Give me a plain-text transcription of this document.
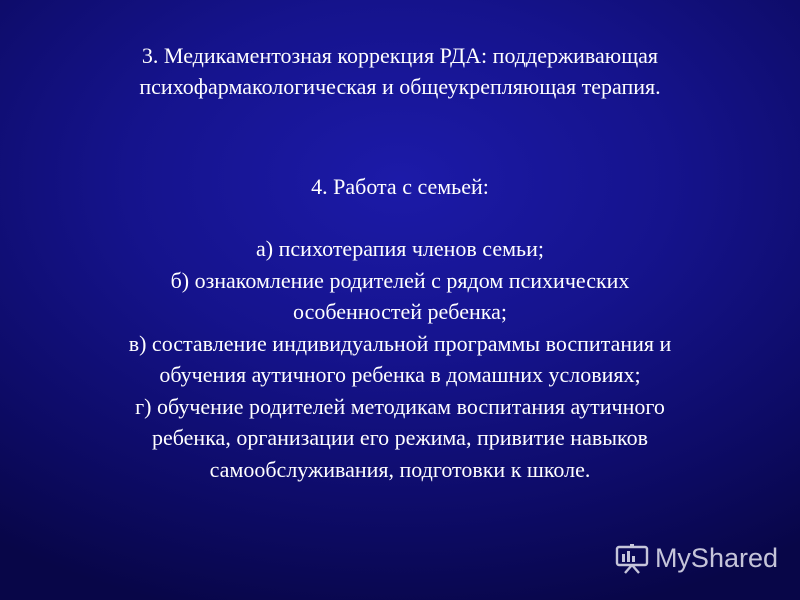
3. Медикаментозная коррекция РДА: поддерживающая
психофармакологическая и общеукрепляющая терапия.
4. Работа с семьей:
а) психотерапия членов семьи;
б) ознакомление родителей с рядом психических
особенностей ребенка;
в) составление индивидуальной программы воспитания и
обучения аутичного ребенка в домашних условиях;
г) обучение родителей методикам воспитания аутичного
ребенка, организации его режима, привитие навыков
самообслуживания, подготовки к школе.
MyShared
